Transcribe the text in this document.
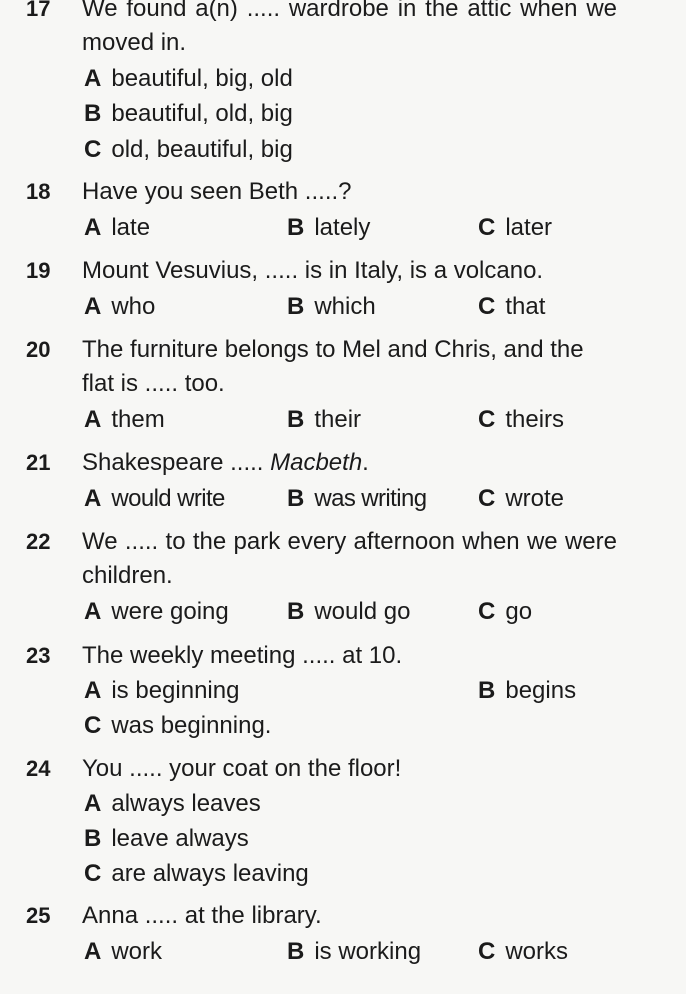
17 We found a(n) ..... wardrobe in the attic when we moved in.
A beautiful, big, old
B beautiful, old, big
C old, beautiful, big
18 Have you seen Beth .....?
A late	B lately	C later
19 Mount Vesuvius, ..... is in Italy, is a volcano.
A who	B which	C that
20 The furniture belongs to Mel and Chris, and the flat is ..... too.
A them	B their	C theirs
21 Shakespeare ..... Macbeth.
A would write	B was writing C wrote
22 We ..... to the park every afternoon when we were children.
A were going B would go	C go
23 The weekly meeting ..... at 10.
A is beginning	B begins
C was beginning.
24 You ..... your coat on the floor!
A always leaves
B leave always
C are always leaving
25 Anna ..... at the library.
A work	B is working C works
